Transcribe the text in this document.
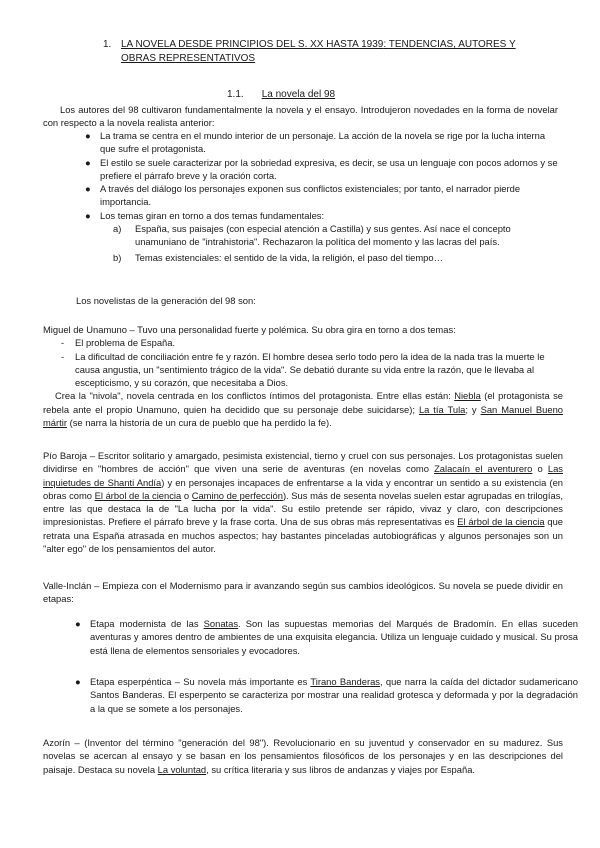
1. LA NOVELA DESDE PRINCIPIOS DEL S. XX HASTA 1939: TENDENCIAS, AUTORES Y OBRAS REPRESENTATIVOS
1.1. La novela del 98

Los autores del 98 cultivaron fundamentalmente la novela y el ensayo. Introdujeron novedades en la forma de novelar con respecto a la novela realista anterior:

● La trama se centra en el mundo interior de un personaje. La acción de la novela se rige por la lucha interna que sufre el protagonista.
● El estilo se suele caracterizar por la sobriedad expresiva, es decir, se usa un lenguaje con pocos adornos y se prefiere el párrafo breve y la oración corta.
● A través del diálogo los personajes exponen sus conflictos existenciales; por tanto, el narrador pierde importancia.
● Los temas giran en torno a dos temas fundamentales:
a) España, sus paisajes (con especial atención a Castilla) y sus gentes. Así nace el concepto unamuniano de "intrahistoria". Rechazaron la política del momento y las lacras del país.
b) Temas existenciales: el sentido de la vida, la religión, el paso del tiempo…

Los novelistas de la generación del 98 son:

Miguel de Unamuno – Tuvo una personalidad fuerte y polémica. Su obra gira en torno a dos temas:

- El problema de España.
- La dificultad de conciliación entre fe y razón. El hombre desea serlo todo pero la idea de la nada tras la muerte le causa angustia, un "sentimiento trágico de la vida". Se debatió durante su vida entre la razón, que le llevaba al escepticismo, y su corazón, que necesitaba a Dios.

Crea la "nivola", novela centrada en los conflictos íntimos del protagonista. Entre ellas están: Niebla (el protagonista se rebela ante el propio Unamuno, quien ha decidido que su personaje debe suicidarse); La tía Tula; y San Manuel Bueno mártir (se narra la historia de un cura de pueblo que ha perdido la fe).

Pío Baroja – Escritor solitario y amargado, pesimista existencial, tierno y cruel con sus personajes. Los protagonistas suelen dividirse en "hombres de acción" que viven una serie de aventuras (en novelas como Zalacaín el aventurero o Las inquietudes de Shanti Andía) y en personajes incapaces de enfrentarse a la vida y encontrar un sentido a su existencia (en obras como El árbol de la ciencia o Camino de perfección). Sus más de sesenta novelas suelen estar agrupadas en trilogías, entre las que destaca la de "La lucha por la vida". Su estilo pretende ser rápido, vivaz y claro, con descripciones impresionistas. Prefiere el párrafo breve y la frase corta. Una de sus obras más representativas es El árbol de la ciencia que retrata una España atrasada en muchos aspectos; hay bastantes pinceladas autobiográficas y algunos personajes son un "alter ego" de los pensamientos del autor.

Valle-Inclán – Empieza con el Modernismo para ir avanzando según sus cambios ideológicos. Su novela se puede dividir en etapas:

● Etapa modernista de las Sonatas. Son las supuestas memorias del Marqués de Bradomín. En ellas suceden aventuras y amores dentro de ambientes de una exquisita elegancia. Utiliza un lenguaje cuidado y musical. Su prosa está llena de elementos sensoriales y evocadores.
● Etapa esperpéntica – Su novela más importante es Tirano Banderas, que narra la caída del dictador sudamericano Santos Banderas. El esperpento se caracteriza por mostrar una realidad grotesca y deformada y por la degradación a la que se somete a los personajes.

Azorín – (Inventor del término "generación del 98"). Revolucionario en su juventud y conservador en su madurez. Sus novelas se acercan al ensayo y se basan en los pensamientos filosóficos de los personajes y en las descripciones del paisaje. Destaca su novela La voluntad, su crítica literaria y sus libros de andanzas y viajes por España.
